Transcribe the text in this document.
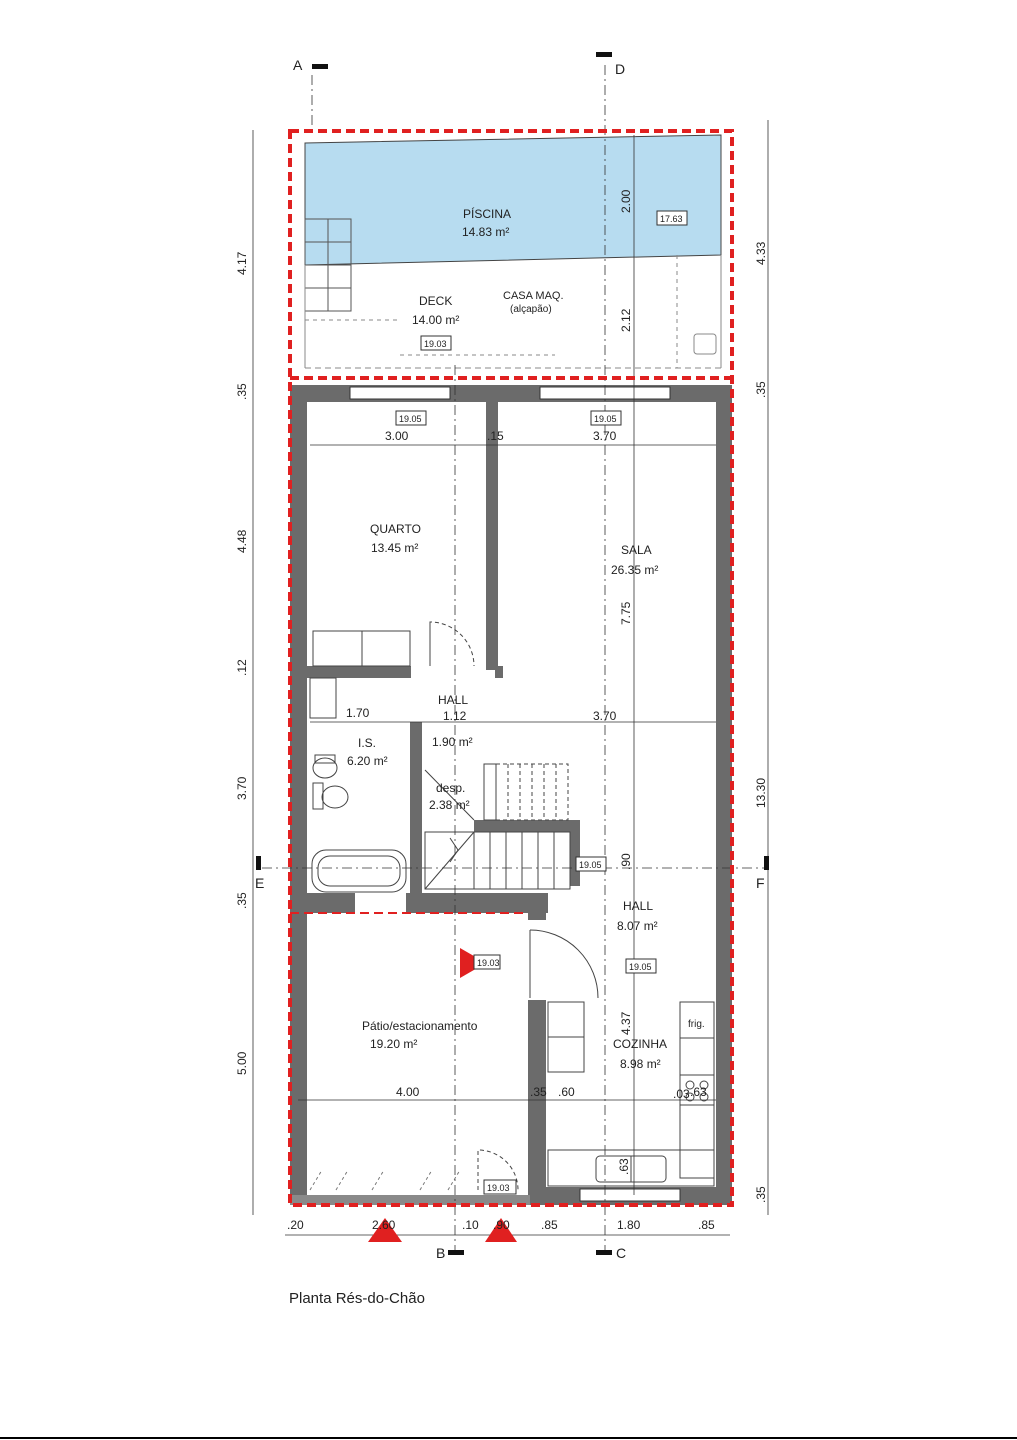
A	D
B	C
E	F
PÍSCINA
14.83 m²
DECK
14.00 m²
CASA MAQ.
(alçapão)
QUARTO
13.45 m²	SALA
26.35 m²
HALL
1.90 m²
I.S.
6.20 m²
desp.
2.38 m²
HALL
8.07 m²
Pátio/estacionamento
19.20 m²	COZINHA
8.98 m²
frig.
17.63
19.03
19.05	19.05
19.05
19.05
19.03
19.03
4.17
.35
4.48
.12
3.70
.35
5.00
4.33
.35
13.30
.35
.20	2.60	.10 .90	.85	1.80	.85
2.00
2.12
3.00	.15	3.70
7.75
1.70	1.12	3.70
.90
4.37
4.00	.35 .60	.03 .63
.63
Planta Rés-do-Chão
